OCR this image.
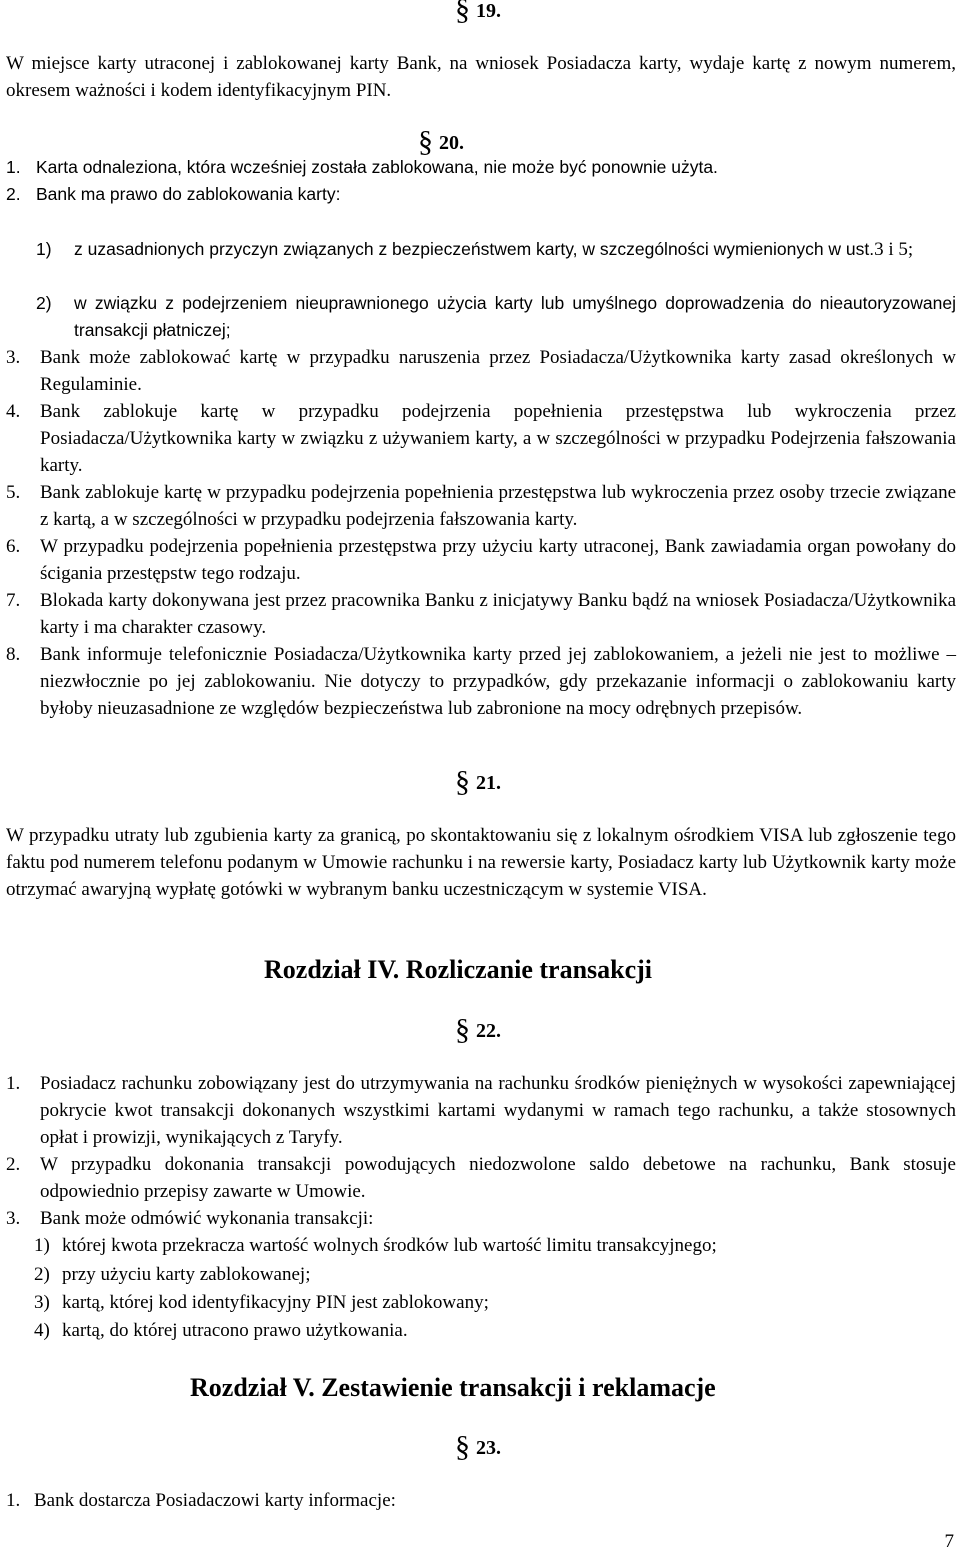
§ 19.

W miejsce karty utraconej i zablokowanej karty Bank, na wniosek Posiadacza karty, wydaje kartę z nowym numerem, okresem ważności i kodem identyfikacyjnym PIN.

§ 20.
1. Karta odnaleziona, która wcześniej została zablokowana, nie może być ponownie użyta.
2. Bank ma prawo do zablokowania karty:
1)	z uzasadnionych przyczyn związanych z bezpieczeństwem karty, w szczególności wymienionych w ust.3 i 5;
2)	w związku z podejrzeniem nieuprawnionego użycia karty lub umyślnego doprowadzenia do nieautoryzowanej transakcji płatniczej;
3.	Bank może zablokować kartę w przypadku naruszenia przez Posiadacza/Użytkownika karty zasad określonych w Regulaminie.
4.	Bank zablokuje kartę w przypadku podejrzenia popełnienia przestępstwa lub wykroczenia przez Posiadacza/Użytkownika karty w związku z używaniem karty, a w szczególności w przypadku Podejrzenia fałszowania karty.
5.	Bank zablokuje kartę w przypadku podejrzenia popełnienia przestępstwa lub wykroczenia przez osoby trzecie związane z kartą, a w szczególności w przypadku podejrzenia fałszowania karty.
6.	W przypadku podejrzenia popełnienia przestępstwa przy użyciu karty utraconej, Bank zawiadamia organ powołany do ścigania przestępstw tego rodzaju.
7.	Blokada karty dokonywana jest przez pracownika Banku z inicjatywy Banku bądź na wniosek Posiadacza/Użytkownika karty i ma charakter czasowy.
8.	Bank informuje telefonicznie Posiadacza/Użytkownika karty przed jej zablokowaniem, a jeżeli nie jest to możliwe – niezwłocznie po jej zablokowaniu. Nie dotyczy to przypadków, gdy przekazanie informacji o zablokowaniu karty byłoby nieuzasadnione ze względów bezpieczeństwa lub zabronione na mocy odrębnych przepisów.
§ 21.

W przypadku utraty lub zgubienia karty za granicą, po skontaktowaniu się z lokalnym ośrodkiem VISA lub zgłoszenie tego faktu pod numerem telefonu podanym w Umowie rachunku i na rewersie karty, Posiadacz karty lub Użytkownik karty może otrzymać awaryjną wypłatę gotówki w wybranym banku uczestniczącym w systemie VISA.

Rozdział IV. Rozliczanie transakcji
§ 22.
1.	Posiadacz rachunku zobowiązany jest do utrzymywania na rachunku środków pieniężnych w wysokości zapewniającej pokrycie kwot transakcji dokonanych wszystkimi kartami wydanymi w ramach tego rachunku, a także stosownych opłat i prowizji, wynikających z Taryfy.
2.	W przypadku dokonania transakcji powodujących niedozwolone saldo debetowe na rachunku, Bank stosuje odpowiednio przepisy zawarte w Umowie.
3.	Bank może odmówić wykonania transakcji:
1) której kwota przekracza wartość wolnych środków lub wartość limitu transakcyjnego;
2) przy użyciu karty zablokowanej;
3) kartą, której kod identyfikacyjny PIN jest zablokowany;
4) kartą, do której utracono prawo użytkowania.
Rozdział V. Zestawienie transakcji i reklamacje
§ 23.
1. Bank dostarcza Posiadaczowi karty informacje:
7
